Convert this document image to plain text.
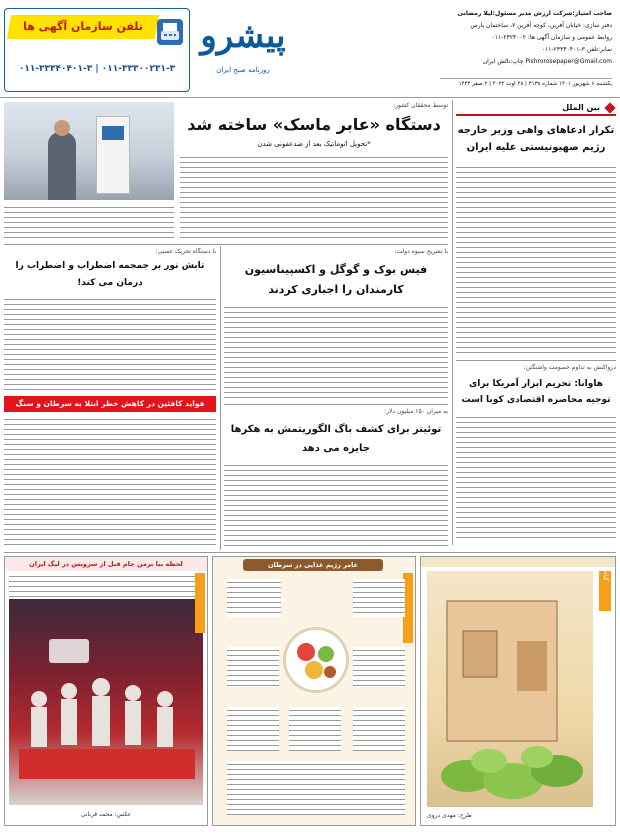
صاحب امتیاز:شرکت ارزش مدیر مسئول:لیلا رمضانی
دفتر سازی: خیابان آفرین، کوچه آفرین ۷، ساختمان پارس
روابط عمومی و سازمان آگهی ها: ۲۳۲۴۰۰۲-۰۱۱
نمابر:تلفن ۳-۲۳۳۴۰۴۰۱-۰۱۱
Pishrorosepaper@Gmail.com چاپ:تالش ایران
یکشنبه ۶ شهریور ۱۴۰۱ شماره ۳۱۳۸ | ۲۸ اوت ۲۰۲۲ | ۲ صفر ۱۴۴۴
پیشرو
روزنامه صبح ایران
تلفن سازمان آگهی ها
۰۱۱-۳۳۳۰۰۲۳۱-۳ | ۰۱۱-۳۳۳۴۰۴۰۱-۳
بین الملل
تکرار ادعاهای واهی وزیر خارجه رژیم صهیونیستی علیه ایران
درواکنش به تداوم خصومت واشنگتن:
هاوانا: تحریم ابزار آمریکا برای توجیه محاصره اقتصادی کوبا است
توسط محققان کشور:
دستگاه «عابر ماسک» ساخته شد
*تحویل اتوماتیک بعد از ضدعفونی شدن
با دستگاه تحریک عصبی:
تابش نور بر جمجمه اضطراب و اضطراب را درمان می کند!
فواید کافئین در کاهش خطر ابتلا به سرطان و سنگ
با تشریح سیوه دولت:
فیس بوک و گوگل و اکسپیناسیون کارمندان را اجباری کردند
به میزان ۱۵۰ میلیون دلار:
توئیتر برای کشف باگ الگوریتمش به هکرها جایزه می دهد
گیاه
طرح: مهدی دروی
عامر رژیم غذایی در سرطان
لحظه بیا برمن جام قبل از سرویس در لیگ ایران
عکس: محمد قربانی
